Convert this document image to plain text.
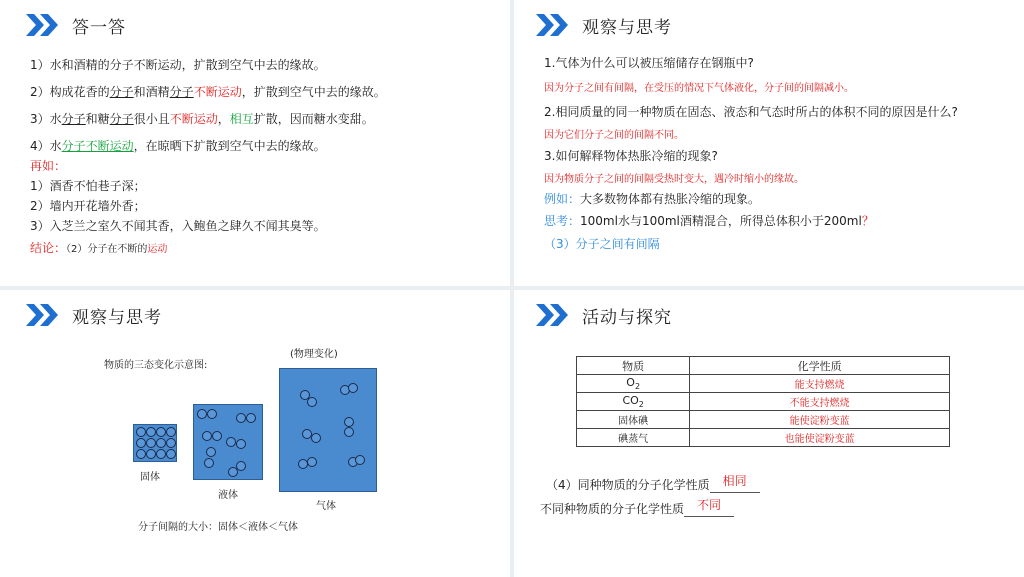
答一答
1）水和酒精的分子不断运动，扩散到空气中去的缘故。
2）构成花香的分子和酒精分子不断运动，扩散到空气中去的缘故。
3）水分子和糖分子很小且不断运动，相互扩散，因而糖水变甜。
4）水分子不断运动，在晾晒下扩散到空气中去的缘故。
再如：
1）酒香不怕巷子深；
2）墙内开花墙外香；
3）入芝兰之室久不闻其香，入鲍鱼之肆久不闻其臭等。
结论：（2）分子在不断的运动
观察与思考
1.气体为什么可以被压缩储存在钢瓶中?
因为分子之间有间隔，在受压的情况下气体液化，分子间的间隔减小。
2.相同质量的同一种物质在固态、液态和气态时所占的体积不同的原因是什么?
因为它们分子之间的间隔不同。
3.如何解释物体热胀冷缩的现象?
因为物质分子之间的间隔受热时变大，遇冷时缩小的缘故。
例如：大多数物体都有热胀冷缩的现象。
思考：100ml水与100ml酒精混合，所得总体积小于200ml？
（3）分子之间有间隔
观察与思考
物质的三态变化示意图:
(物理变化)
固体
液体
气体
分子间隔的大小：固体＜液体＜气体
活动与探究
物质	化学性质
$O_2$	能支持燃烧
$CO_2$	不能支持燃烧
固体碘	能使淀粉变蓝
碘蒸气	也能使淀粉变蓝
（4）同种物质的分子化学性质	相同

不同种物质的分子化学性质	不同
